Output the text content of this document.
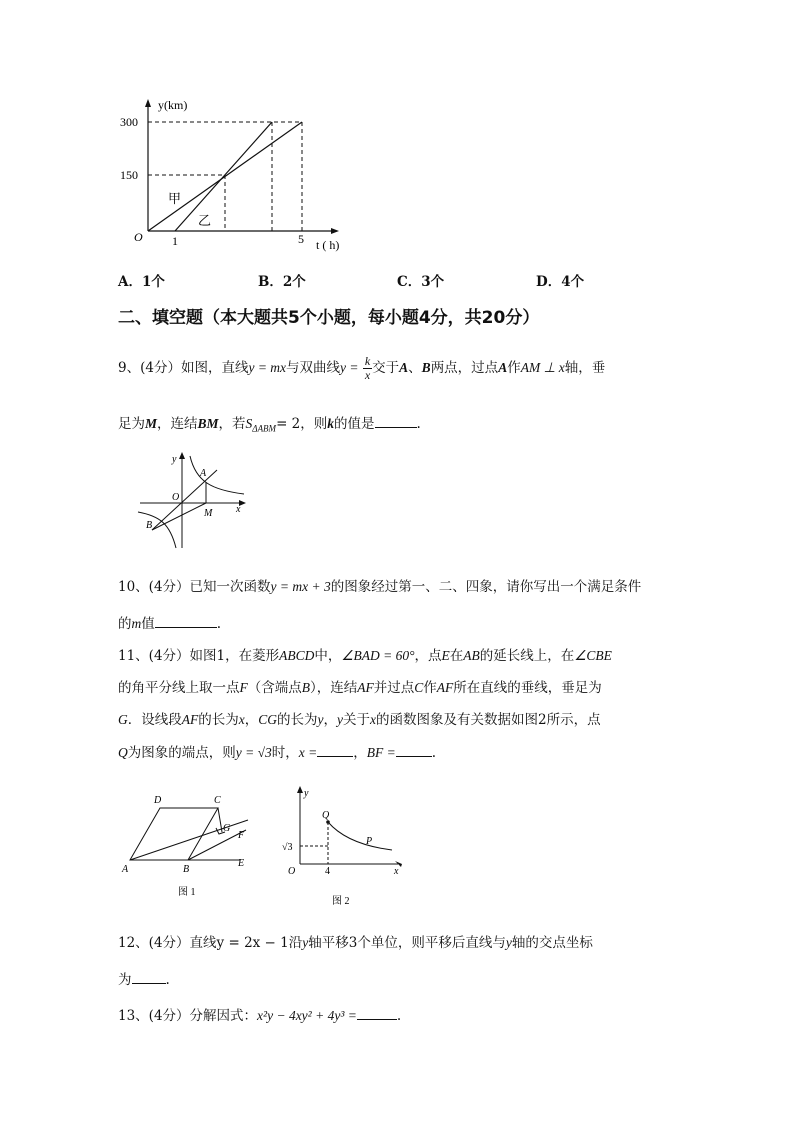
y(km)
300
150
O 1	5 t ( h)
甲
乙
A．1个	B．2个	C．3个	D．4个
二、填空题（本大题共5个小题，每小题4分，共20分）
9、(4分）如图，直线y = mx与双曲线$y = \frac{k}{x}$ 交于A、B两点，过点A作AM ⊥ x轴，垂
足为M，连结BM，若$S_{\Delta ABM}= 2$，则k的值是	.
y
A
O
M x
B
10、(4分）已知一次函数y = mx + 3的图象经过第一、二、四象，请你写出一个满足条件
的m值	.
11、(4分）如图1，在菱形ABCD中，∠BAD = 60°，点E在AB的延长线上，在∠CBE
的角平分线上取一点F（含端点B），连结AF并过点C作AF所在直线的垂线，垂足为
G．设线段AF的长为x，CG的长为y，y关于x的函数图象及有关数据如图2所示，点
Q为图象的端点，则y = √3时，x =	，BF =	.
D	C
G
F
A	B
E
图 1
y
Q
P
√3
O	4	x
图 2
12、(4分）直线y = 2x − 1沿y轴平移3个单位，则平移后直线与y轴的交点坐标
为	.
13、(4分）分解因式：x²y − 4xy² + 4y³ =	.
